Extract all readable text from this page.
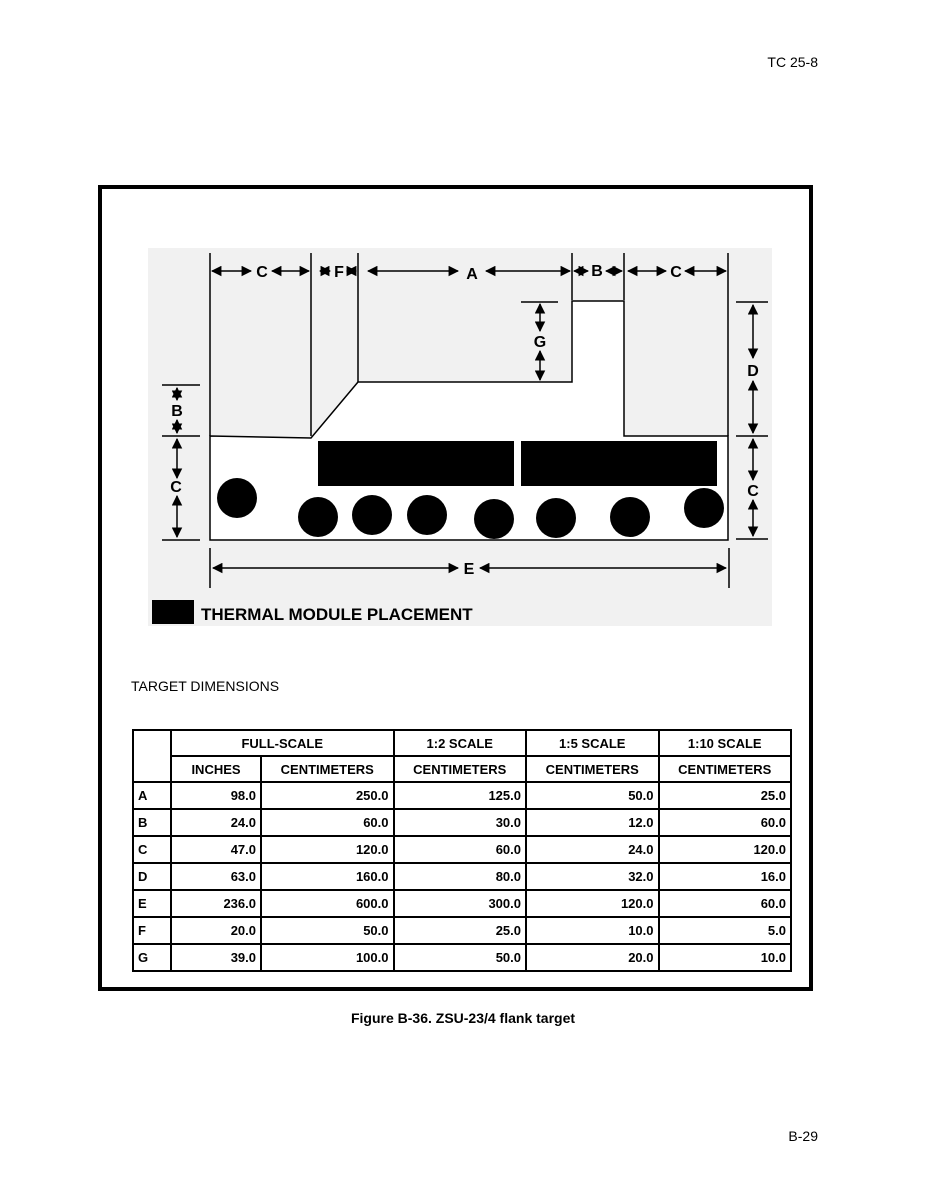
TC 25-8
C	F	A	B	C
G
B
C
D
C
E
THERMAL MODULE PLACEMENT
TARGET DIMENSIONS
	FULL-SCALE		1:2 SCALE	1:5 SCALE	1:10 SCALE
	INCHES	CENTIMETERS	CENTIMETERS	CENTIMETERS	CENTIMETERS
A	98.0	250.0	125.0	50.0	25.0
B	24.0	60.0	30.0	12.0	60.0
C	47.0	120.0	60.0	24.0	120.0
D	63.0	160.0	80.0	32.0	16.0
E	236.0	600.0	300.0	120.0	60.0
F	20.0	50.0	25.0	10.0	5.0
G	39.0	100.0	50.0	20.0	10.0
Figure B-36. ZSU-23/4 flank target
B-29
